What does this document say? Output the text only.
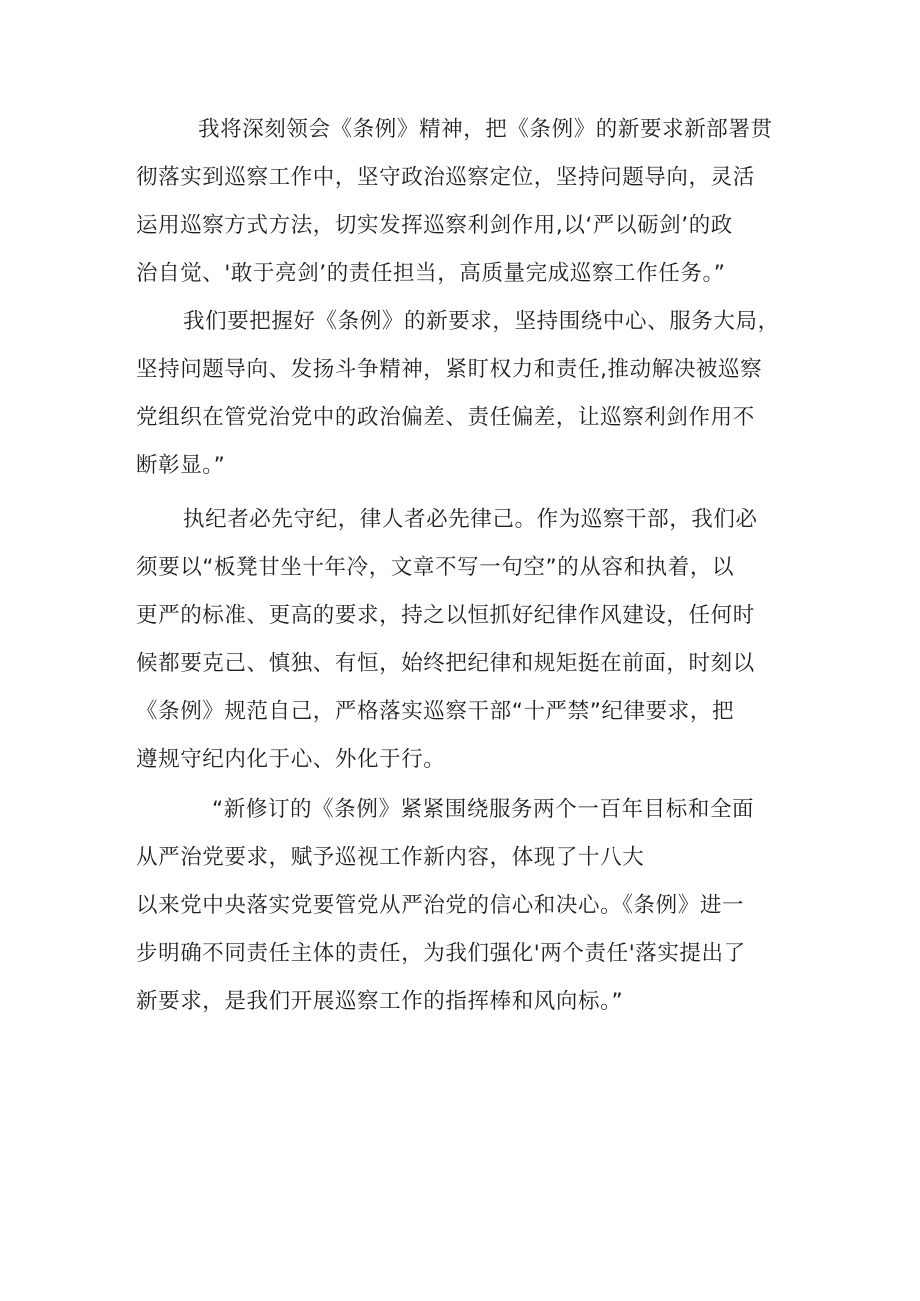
我将深刻领会《条例》精神，把《条例》的新要求新部署贯
彻落实到巡察工作中，坚守政治巡察定位，坚持问题导向，灵活
运用巡察方式方法，切实发挥巡察利剑作用,以‘严以砺剑’的政
治自觉、'敢于亮剑’的责任担当，高质量完成巡察工作任务。”
我们要把握好《条例》的新要求，坚持围绕中心、服务大局，
坚持问题导向、发扬斗争精神，紧盯权力和责任,推动解决被巡察
党组织在管党治党中的政治偏差、责任偏差，让巡察利剑作用不
断彰显。”
执纪者必先守纪，律人者必先律己。作为巡察干部，我们必
须要以“板凳甘坐十年冷，文章不写一句空”的从容和执着，以
更严的标准、更高的要求，持之以恒抓好纪律作风建设，任何时
候都要克己、慎独、有恒，始终把纪律和规矩挺在前面，时刻以
《条例》规范自己，严格落实巡察干部“十严禁”纪律要求，把
遵规守纪内化于心、外化于行。
“新修订的《条例》紧紧围绕服务两个一百年目标和全面
从严治党要求，赋予巡视工作新内容，体现了十八大
以来党中央落实党要管党从严治党的信心和决心。《条例》进一
步明确不同责任主体的责任，为我们强化'两个责任'落实提出了
新要求，是我们开展巡察工作的指挥棒和风向标。”
